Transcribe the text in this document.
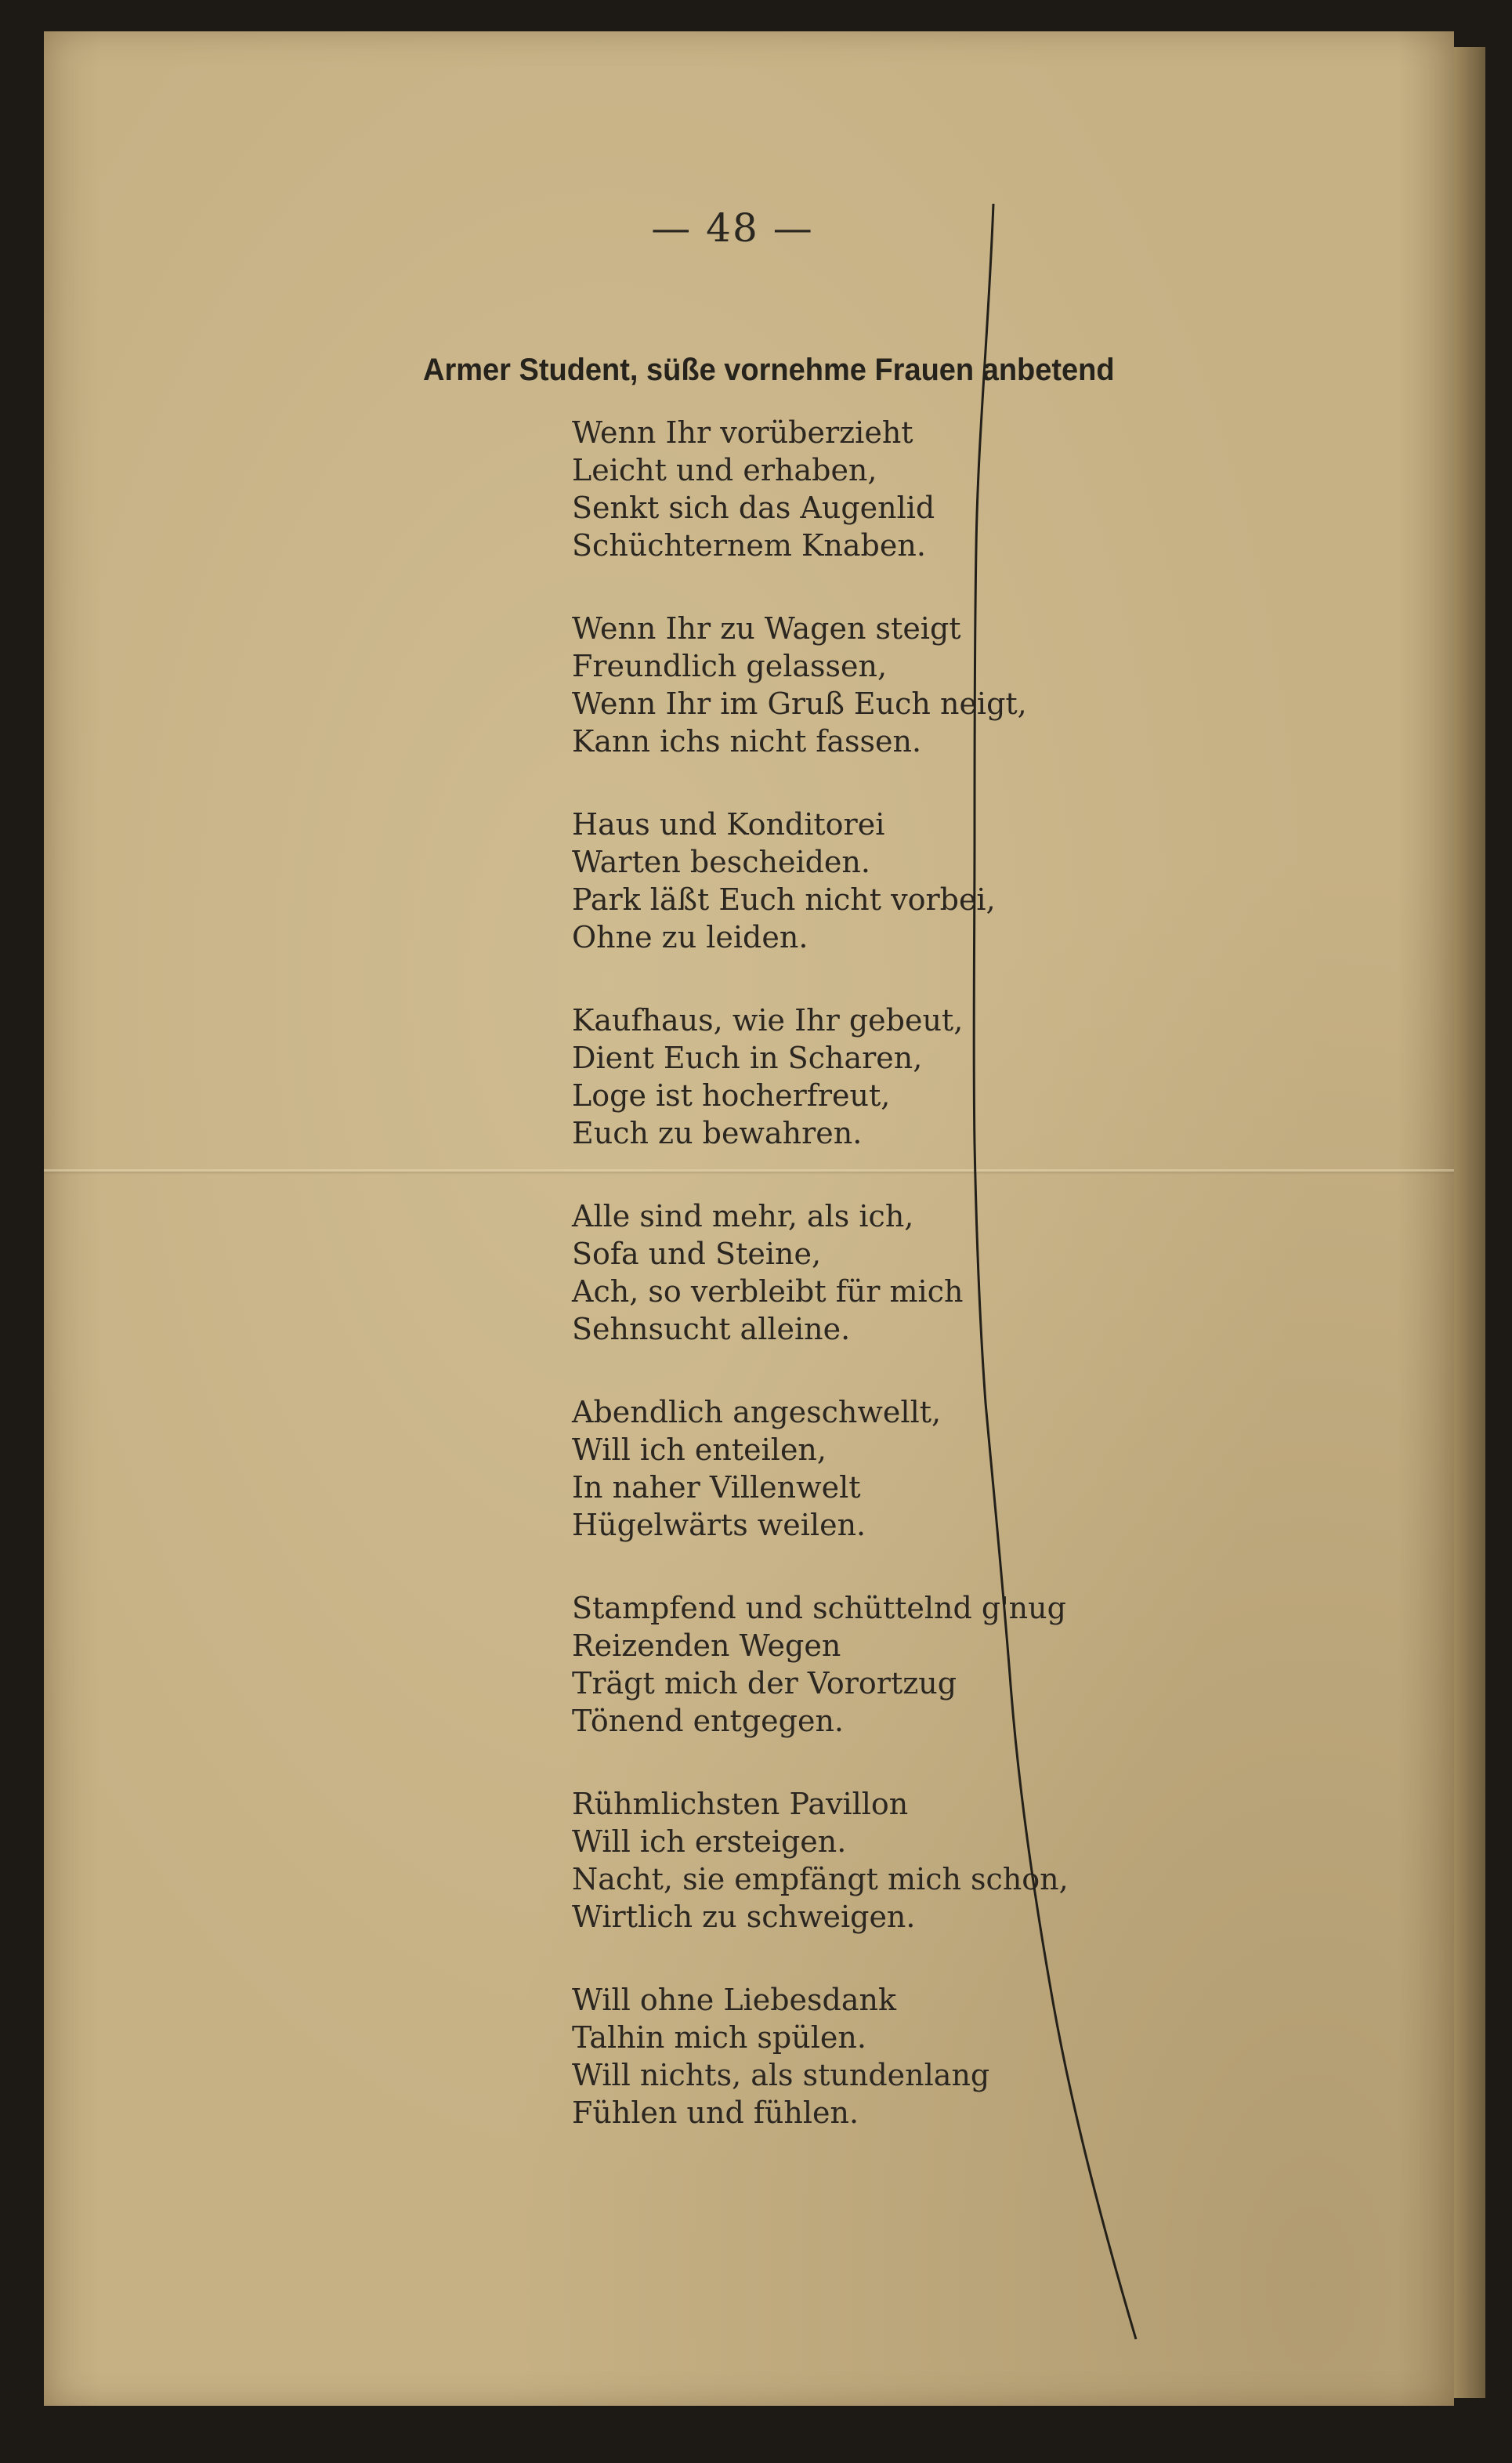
— 48 —
Armer Student, süße vornehme Frauen anbetend
Wenn Ihr vorüberzieht
Leicht und erhaben,
Senkt sich das Augenlid
Schüchternem Knaben.
Wenn Ihr zu Wagen steigt
Freundlich gelassen,
Wenn Ihr im Gruß Euch neigt,
Kann ichs nicht fassen.
Haus und Konditorei
Warten bescheiden.
Park läßt Euch nicht vorbei,
Ohne zu leiden.
Kaufhaus, wie Ihr gebeut,
Dient Euch in Scharen,
Loge ist hocherfreut,
Euch zu bewahren.
Alle sind mehr, als ich,
Sofa und Steine,
Ach, so verbleibt für mich
Sehnsucht alleine.
Abendlich angeschwellt,
Will ich enteilen,
In naher Villenwelt
Hügelwärts weilen.
Stampfend und schüttelnd g'nug
Reizenden Wegen
Trägt mich der Vorortzug
Tönend entgegen.
Rühmlichsten Pavillon
Will ich ersteigen.
Nacht, sie empfängt mich schon,
Wirtlich zu schweigen.
Will ohne Liebesdank
Talhin mich spülen.
Will nichts, als stundenlang
Fühlen und fühlen.
